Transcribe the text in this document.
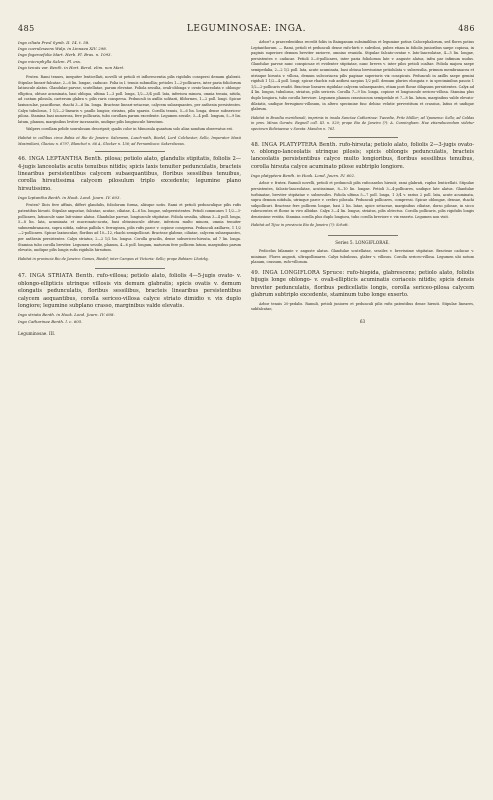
485	LEGUMINOSAE: INGA.	486
Inga ciliata Presl Symb. II. 14. t. 58.
Inga coeruleseens Walp. in Linnaea XIV. 298.
Inga fagaroefolia Mart. Herb. Fl. Bras. n. 1093.
Inga microphylla Salzm. Pl. exs.
Inga tenuis var. Benth. in Hort. Berol. elim. non Mart.

Frutex. Rami tenues, inequiter lenticellati, novelli ut petioli et inflorescentia pilis rigidulis conspersi demum glabrati. Stipulae lineari-falcatae, 2—6 lin. longae, caducae. Folia in I. tenuis submollia; petioles 1—2-pollicares, inter paria foliolorum latiuscule alatus. Glandulae parvae, scutellatae, parum elevatae. Foliola sessilia, ovali-oblonga v. ovato-lanceolata v. oblongo-elliptica, obtuse acuminata, basi obliqua, ultima 1—3 poll. longa, 1/2—3/4 poll. lata, inferiora minora, omnia tenuia, nitida, ad costam pilosula, caeterum glabra v. pilis raris conspersa. Pedunculi in axillis solitarii, filiformes, 1—2 poll. longi. Spicae laxiusculae, pauciflorae, rhachi 3—6 lin. longa. Bracteae lineari-setaceae, calycem subaequantes, per anthesin persistentes. Calyx tubulosus, 1 1/2—2-linearis v. paullo longior, striatus, pilis sparsis. Corolla tenuis, 5—6 lin. longa, dense subsericeo-pilosa. Stamina basi numerosa, fere pollicaria, tubo corollam parum excedente. Legumen sessile, 3—4 poll. longum, 5—9 lin. latum, planum, marginibus leviter incrassatis, undique pilis longiuscule hirsutum.

Walpers corollam pelide sourulosam descripsit; qualis color in Mimosula quantum solo alias nondum observatus est.

Habitat in collibus circa Bahia et Rio de Janeiro: Salzmann, Lusch-nath, Riedel, Lord Colchester, Sello, Imperator Maxii Maximiliani, Glaziou n. 6797, Blanchet n. 66 A, Glocker n. 136; ad Pernambuco: Sakerzbeaux.
46. INGA LEPTANTHA Benth. pilosa; petiolo alato, glandulis stipitatis, foliolis 2—4-jugis lanceolatis acutis tenuibus nitidis; spicis laxis tenuiter pedunculatis, bracteis linearibus persistentibus calycem subaequantibus, floribus sessilibus tenuibus, corolla hirsutissima calycem pilosulum triplo excedente; legumine plano hirsutissimo.

Inga leptantha Benth. in Hook. Lond. Journ. IV. 603.

Frutex? Ilicis fere affinis, differt glandulis, foliolorum forma, aliisque notis. Rami et petioli pedunculique pilis rufis patentibus hirsuti. Stipulae angustae, falcatae, acutae, ciliatae, 4—6 lin. longae, subpersistentes. Petioli communes 1 1/2—3-pollicares, latiuscule sane lati-ssime alatus. Glandulae parvae, longiuscule stipitatae. Foliola sessilia, ultima 3—4 poll. longa, 5—8 lin. lata, acuminata et mucronato-acuta, basi obtusiuscule obtuse, inferiora multo minora, omnia tenuiter submembranacea, supra nitida, subtus pallida v. ferruginea, pilis rufis parce v. copiose conspersa. Pedunculi axillares, 1 1/2—2-pollicares. Spicae laxiusculae, floribus ad 10—12, rhachi semipollicari. Bracteae glabrae, ciliatae, calycem subaequantes, per anthesin persistentes. Calyx striatus, 2—2 1/2 lin. longus. Corolla gracilis, dense subsericeo-hirsuta, ad 7 lin. longa. Stamina tubo corolla breviter. Legumen sessile, planum, 4—6 poll. longum, maturum fere pollicem latum, marginibus parum elevatis, undique pilis longis rufis rigidulis hirsutum.

Habitat in provincia Rio de Janeiro: Gomes, Riedel; inter Campos et Victoria: Sello; prope Bahiam: Lhotzky.
47. INGA STRIATA Benth. rufo-villosa; petiolo alato, foliolis 4—5-jugis ovato- v. oblongo-ellipticis utrinque villosis vix demum glabratis; spicis ovatis v. demum elongatis pedunculatis, floribus sessilibus, bracteis linearibus persistentibus calycem aequantibus, corolla sericeo-villosa calyce striato dimidio v. vix duplo longiore; legumine subplano crasso, marginibus valde elevatis.

Inga striata Benth. in Hook. Lond. Journ. IV. 608.

Inga Catharinae Benth. l. c. 605.

Leguminosae. III.

Arbor? a praecedentibus recedit foliis in Bainganum subsimilibus et legumine potius Calocephalorum, sed flores potius Leptanthorum. — Rami, petioli et pedunculi dense rufo-hirti v. subvilosi, pubes etiam in foliolis junioribus saepe copiosa, in paginis superiore demum breviter rariorve, omnino evanida. Stipulae falcato-ovatae v. lato-lanceolatae, 4—5 lin. longae, persistentes v. caducae. Petioli 3—6-pollicares, inter paria foliolorum late v. anguste alatus, infra par infimum nudus. Glandulae parvae nunc conspicuae et evidenter stipitatae, nunc breves v. inter pilos petioli coaltae. Foliola majora saepe semipedalia, 2—2 1/2 poll. lata, acute acuminata, basi obtusa breviusime petiolulata v. subsessilia, primum membranacea et utrinque hirsuta v. villosa, demum subcoriacea pilis paginae superioris vix conspicuis. Pedunculi in axillis saepe gemini rigiduli 1 1/2—4 poll. longi; spicae rhachis sub anthesi saepius 1/2 poll. demum pluries elongata v. in speciminibus paucis 1 1/2—2-pollicaris evadit. Bracteae lineares rigidulae calycem subaequantes, etiam post florae dilapsum persistentes. Calyx ad 4 lin. longus, tubulosus, striatus, pilis sericeis. Corolla 7—9 lin. longa, copiose et longiuscule sericeo-villosa. Stamina plus duplo longiora, tubo corolla breviore. Legumen planum crassiuscum semipedale et 7—8 lin. latum, marginibus valde elevato-dilatatis, undique ferrugineo-villosum, in altero specimine fusc dehinc velutie pervestitum et crassius, latius et undique glabrum.

Habitat in Brasilia meridionali, imprimis in insula Sanctae Catharinae: Tweedie, Fritz Müller; ad Ypanema: Sello; ad Caldas in prov. Minas Geraës: Regnell coll. III. n. 520; prope Rio de Janeiro (?): A. Cunningham. Hue etiamducendum videtur specimen Boliviaense v Sorata: Mandon n. 761.
48. INGA PLATYPTERA Benth. rufo-hirsuta; petiolo alato, foliolis 2—3-jugis ovato- v. oblongo-lanceolatis utrinque pilosis; spicis oblongis pedunculatis, bracteis lanceolatis persistentibus calyce multo longioribus, floribus sessilibus tenuibus, corolla hirsuta calyce acuminato pilose subtriplo longiore.

Inga platyptera Benth. in Hook. Lond. Journ. IV. 602.

Arbor v. frutex. Ramuli novelli, petioli et pedunculi pilis rufocanelos hirsuti; rami glabrati, ruplus lenticellati. Stipulae persistentes, falcato-lanceolatae, acutissimae, 8—10 lin. longae. Petioli 3—4-pollicares, undique late alatus. Glandulae turbinatae, breviter stipitatae v. subsessiles. Foliola ultima 5—7 poll. longa, 1 3/4 v. rarius 2 poll. lata, acute acuminata, supra demum nitidula, utrinque parce v. crebro pilosula. Pedunculi pollicares, compressi. Spicae oblongae, densae, rhachi subpollicari. Bracteae fere pollicem longae, basi 2 lin. latae, apice setaceae, marginibus ciliatae, dorso pilosae, in siccо rubescentes et florae in vivo albidae. Calyx 3—4 lin. longus, striatus, pilis obtectus. Corolla pollicaris, pilis rigidulis longis densissime vestita. Stamina corolla plus duplo longiora, tubo corolla breviore v. vix exserto. Legumen non visit.

Habitat ad Tijuc in provincia Rio de Janeiro (?): Schott.
Series 5. LONGIFLORAE.

Pedicelus bilamnie v. anguste alatus. Glandulae scutellatae, sessiles v. brevissime stipitatae. Bracteae caducae v. minimae. Flores angusti, ultrapollimares. Calyx tubulosus, glaber v. villosus. Corolla sericeo-villosa. Legumen ubi notum planum, crassum, rufo-villosum.

49. INGA LONGIFLORA Spruce: rufo-hispida, glabrescens; petiolo alato, foliolis bijugis longe oblongo- v. ovali-ellipticis acuminatis coriaceis nitidis; spicis densis breviter pedunculatis, floribus pedicellatis longis, corolla sericeo-pilosa calycem glabrum subtriplo excedente, staminum tubo longe exserto.

Arbor tenuis 20-pedalis. Ramuli, petioli juniores et pedunculi pilis rufis patentibus dense hirsuti. Stipulae lineares, subfalcatae,

63
